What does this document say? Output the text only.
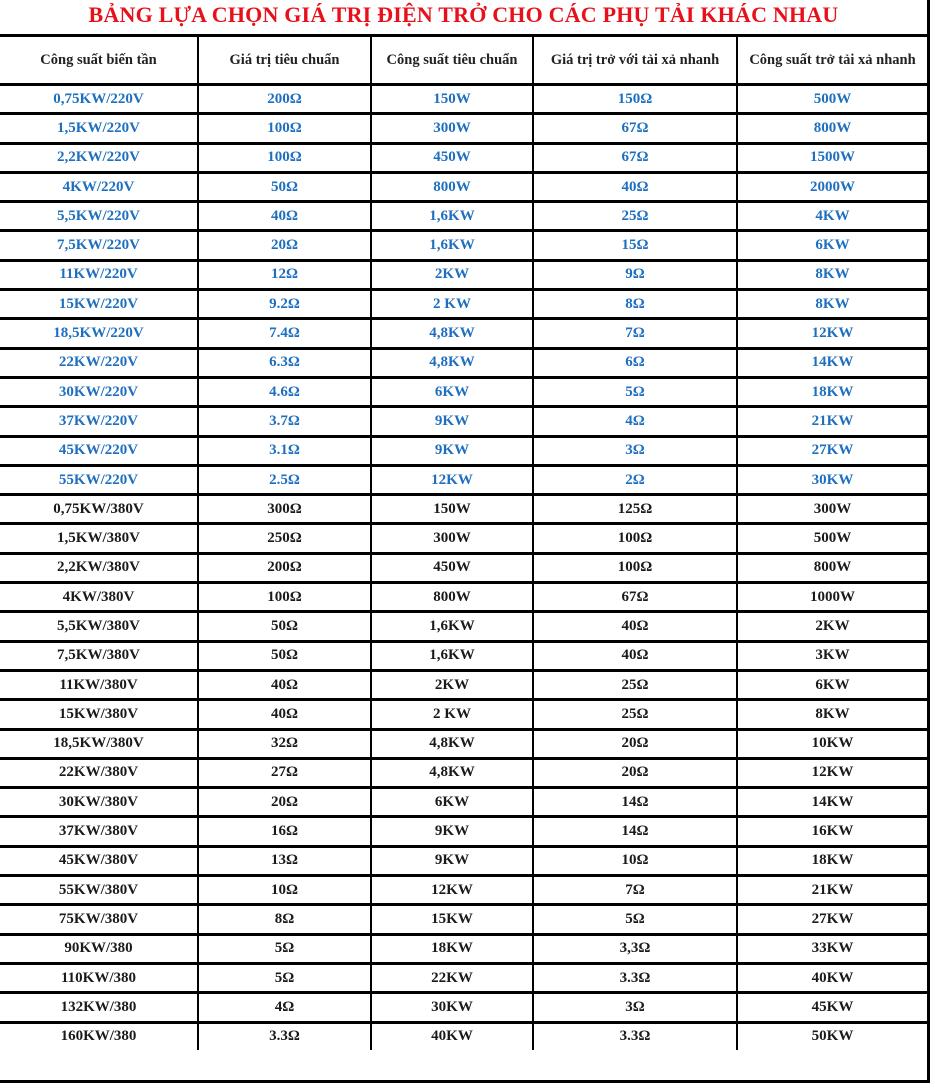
BẢNG LỰA CHỌN GIÁ TRỊ ĐIỆN TRỞ CHO CÁC PHỤ TẢI KHÁC NHAU
Công suất biến tần	Giá trị tiêu chuẩn	Công suất tiêu chuẩn	Giá trị trở với tải xả nhanh	Công suất trở tải xả nhanh
0,75KW/220V	200Ω	150W	150Ω	500W
1,5KW/220V	100Ω	300W	67Ω	800W
2,2KW/220V	100Ω	450W	67Ω	1500W
4KW/220V	50Ω	800W	40Ω	2000W
5,5KW/220V	40Ω	1,6KW	25Ω	4KW
7,5KW/220V	20Ω	1,6KW	15Ω	6KW
11KW/220V	12Ω	2KW	9Ω	8KW
15KW/220V	9.2Ω	2 KW	8Ω	8KW
18,5KW/220V	7.4Ω	4,8KW	7Ω	12KW
22KW/220V	6.3Ω	4,8KW	6Ω	14KW
30KW/220V	4.6Ω	6KW	5Ω	18KW
37KW/220V	3.7Ω	9KW	4Ω	21KW
45KW/220V	3.1Ω	9KW	3Ω	27KW
55KW/220V	2.5Ω	12KW	2Ω	30KW
0,75KW/380V	300Ω	150W	125Ω	300W
1,5KW/380V	250Ω	300W	100Ω	500W
2,2KW/380V	200Ω	450W	100Ω	800W
4KW/380V	100Ω	800W	67Ω	1000W
5,5KW/380V	50Ω	1,6KW	40Ω	2KW
7,5KW/380V	50Ω	1,6KW	40Ω	3KW
11KW/380V	40Ω	2KW	25Ω	6KW
15KW/380V	40Ω	2 KW	25Ω	8KW
18,5KW/380V	32Ω	4,8KW	20Ω	10KW
22KW/380V	27Ω	4,8KW	20Ω	12KW
30KW/380V	20Ω	6KW	14Ω	14KW
37KW/380V	16Ω	9KW	14Ω	16KW
45KW/380V	13Ω	9KW	10Ω	18KW
55KW/380V	10Ω	12KW	7Ω	21KW
75KW/380V	8Ω	15KW	5Ω	27KW
90KW/380	5Ω	18KW	3,3Ω	33KW
110KW/380	5Ω	22KW	3.3Ω	40KW
132KW/380	4Ω	30KW	3Ω	45KW
160KW/380	3.3Ω	40KW	3.3Ω	50KW
